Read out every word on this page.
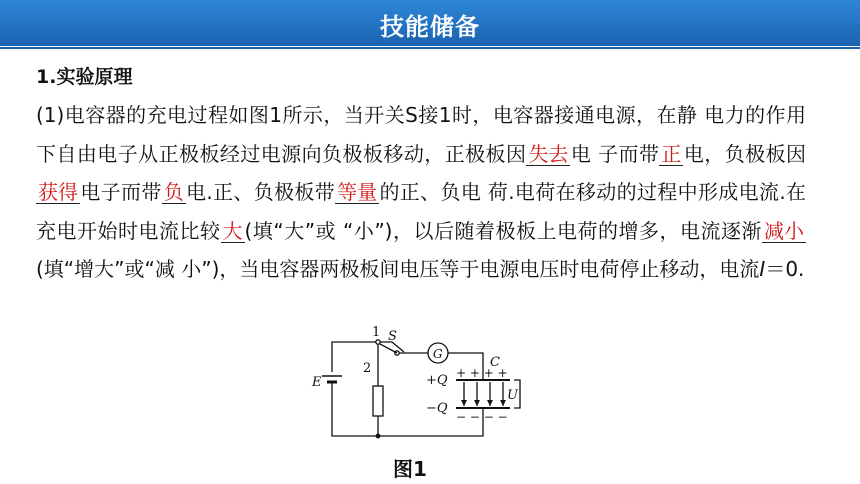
技能储备
1.实验原理
(1)电容器的充电过程如图1所示，当开关S接1时，电容器接通电源，在静 电力的作用下自由电子从正极板经过电源向负极板移动，正极板因 失去 电 子而带 正 电，负极板因获得 电子而带 负 电.正、负极板带 等量 的正、负电 荷.电荷在移动的过程中形成电流.在充电开始时电流比较 大 (填“大”或 “小”)，以后随着极板上电荷的增多，电流逐渐 减小(填“增大”或“减 小”)，当电容器两极板间电压等于电源电压时电荷停止移动，电流I＝0.
1 S
2
G
C
E
U
+Q
−Q
+ + + +
− − − −
图1
